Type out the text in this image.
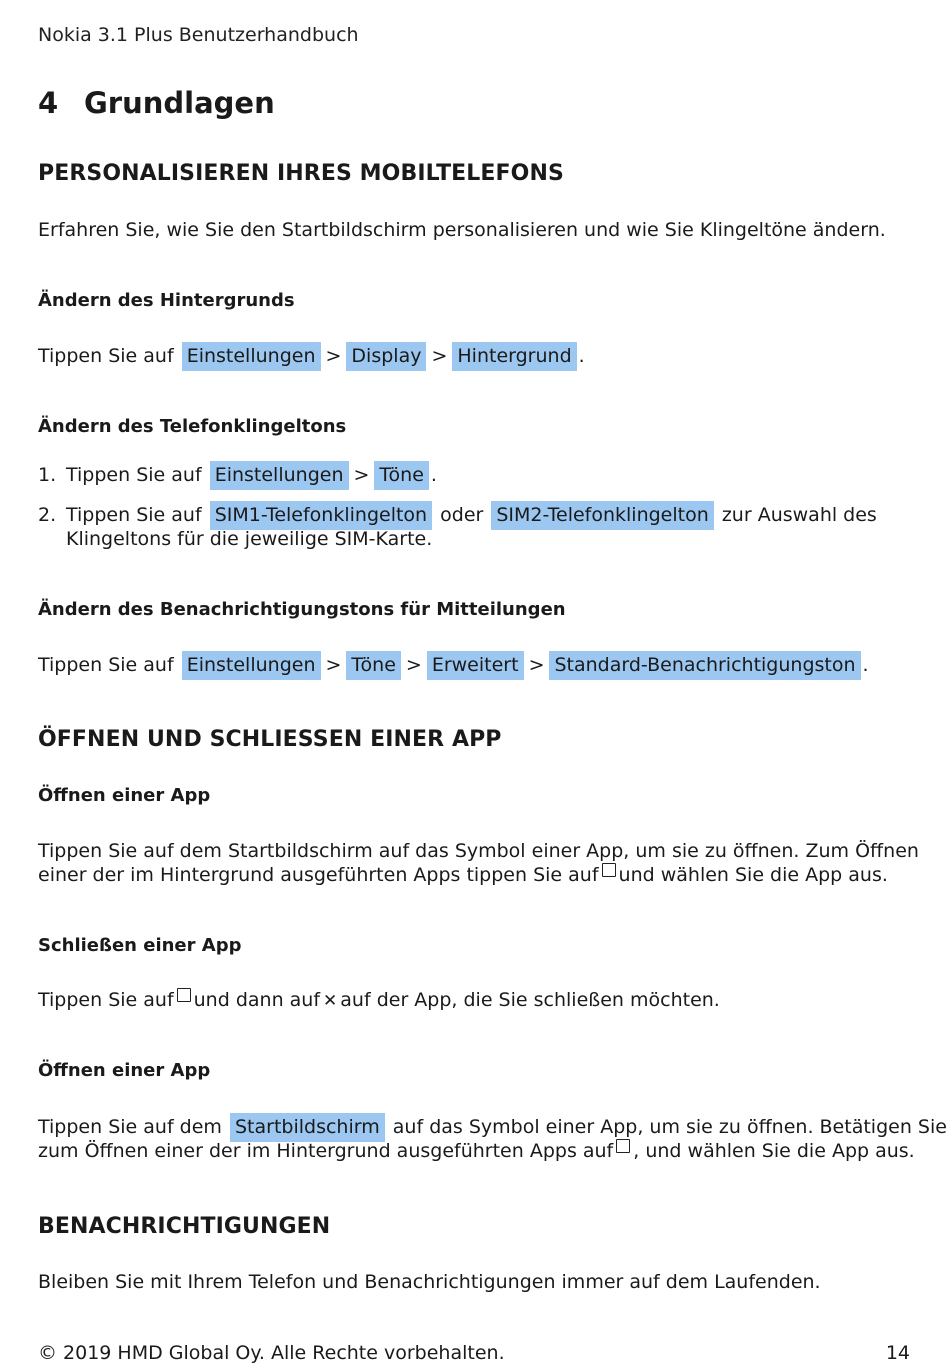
Nokia 3.1 Plus Benutzerhandbuch
4 Grundlagen
PERSONALISIEREN IHRES MOBILTELEFONS
Erfahren Sie, wie Sie den Startbildschirm personalisieren und wie Sie Klingeltöne ändern.
Ändern des Hintergrunds
Tippen Sie auf Einstellungen > Display > Hintergrund .
Ändern des Telefonklingeltons
1. Tippen Sie auf Einstellungen > Töne .
2. Tippen Sie auf SIM1-Telefonklingelton oder SIM2-Telefonklingelton zur Auswahl des
Klingeltons für die jeweilige SIM-Karte.
Ändern des Benachrichtigungstons für Mitteilungen
Tippen Sie auf Einstellungen > Töne > Erweitert > Standard-Benachrichtigungston .
ÖFFNEN UND SCHLIESSEN EINER APP
Öffnen einer App
Tippen Sie auf dem Startbildschirm auf das Symbol einer App, um sie zu öffnen. Zum Öffnen
einer der im Hintergrund ausgeführten Apps tippen Sie auf und wählen Sie die App aus.
Schließen einer App
Tippen Sie auf und dann auf ✕ auf der App, die Sie schließen möchten.
Öffnen einer App
Tippen Sie auf dem Startbildschirm auf das Symbol einer App, um sie zu öffnen. Betätigen Sie
zum Öffnen einer der im Hintergrund ausgeführten Apps auf , und wählen Sie die App aus.
BENACHRICHTIGUNGEN
Bleiben Sie mit Ihrem Telefon und Benachrichtigungen immer auf dem Laufenden.
© 2019 HMD Global Oy. Alle Rechte vorbehalten.	14
